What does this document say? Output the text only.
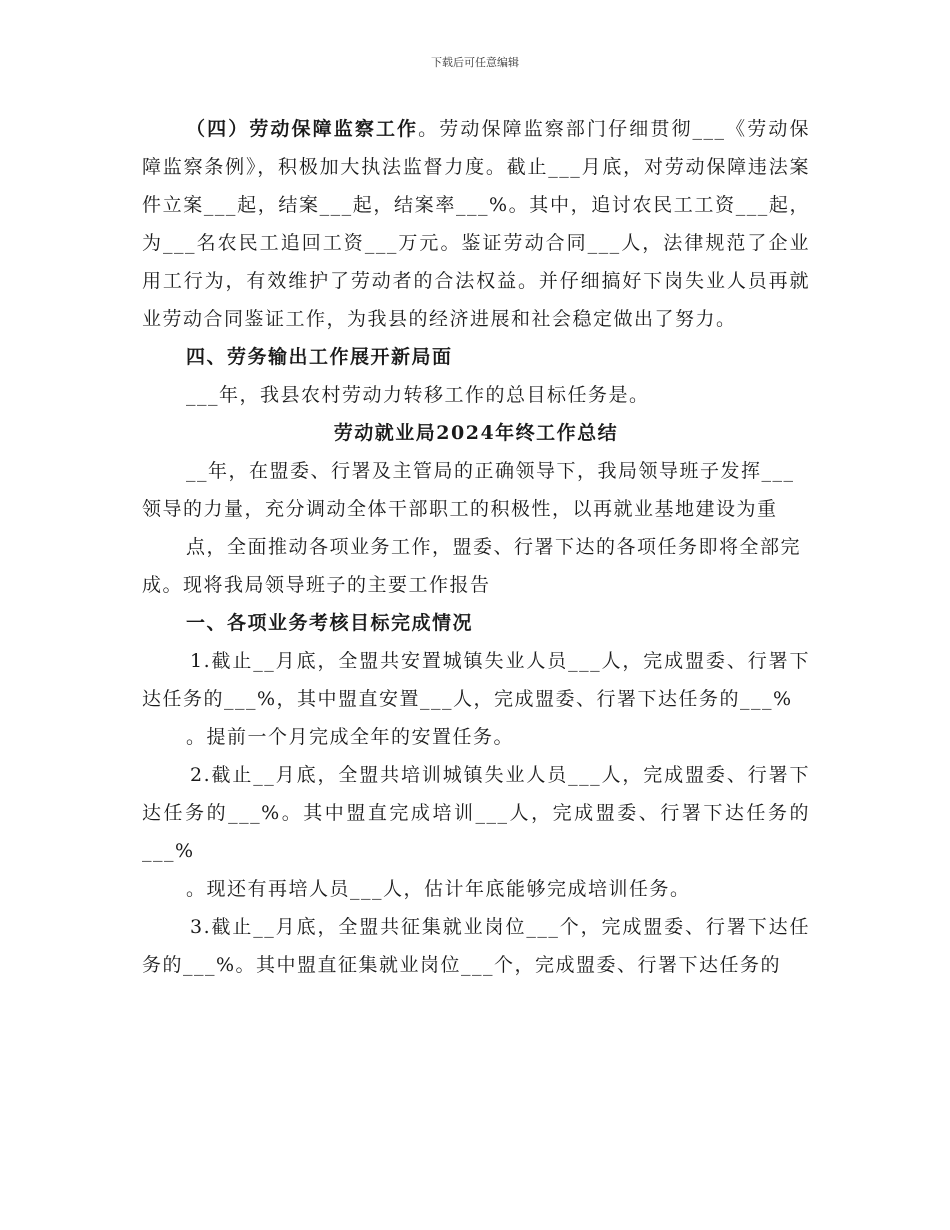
下载后可任意编辑

（四）劳动保障监察工作。劳动保障监察部门仔细贯彻___《劳动保障监察条例》，积极加大执法监督力度。截止___月底，对劳动保障违法案件立案___起，结案___起，结案率___%。其中，追讨农民工工资___起，为___名农民工追回工资___万元。鉴证劳动合同___人，法律规范了企业用工行为，有效维护了劳动者的合法权益。并仔细搞好下岗失业人员再就业劳动合同鉴证工作，为我县的经济进展和社会稳定做出了努力。

四、劳务输出工作展开新局面

___年，我县农村劳动力转移工作的总目标任务是。

劳动就业局2024年终工作总结

__年，在盟委、行署及主管局的正确领导下，我局领导班子发挥___领导的力量，充分调动全体干部职工的积极性，以再就业基地建设为重

点，全面推动各项业务工作，盟委、行署下达的各项任务即将全部完成。现将我局领导班子的主要工作报告

一、各项业务考核目标完成情况

1.截止__月底，全盟共安置城镇失业人员___人，完成盟委、行署下达任务的___%，其中盟直安置___人，完成盟委、行署下达任务的___%

。提前一个月完成全年的安置任务。

2.截止__月底，全盟共培训城镇失业人员___人，完成盟委、行署下达任务的___%。其中盟直完成培训___人，完成盟委、行署下达任务的___%

。现还有再培人员___人，估计年底能够完成培训任务。

3.截止__月底，全盟共征集就业岗位___个，完成盟委、行署下达任务的___%。其中盟直征集就业岗位___个，完成盟委、行署下达任务的
